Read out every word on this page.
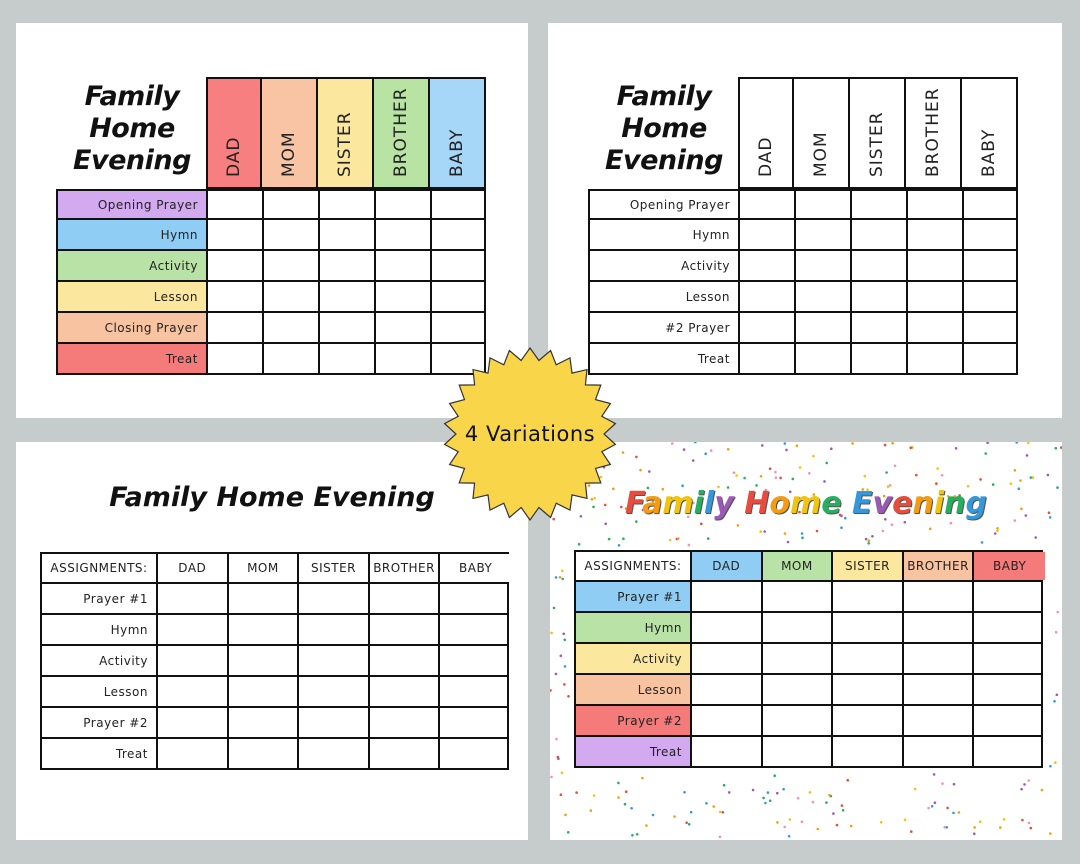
Family
Home
Evening DAD MOM SISTER BROTHER BABY
Opening Prayer
Hymn
Activity
Lesson
Closing Prayer
Treat
Family
Home
Evening DAD MOM SISTER BROTHER BABY
Opening Prayer
Hymn
Activity
Lesson
#2 Prayer
Treat
Family Home Evening
ASSIGNMENTS:	DAD	MOM	SISTER	BROTHER	BABY
Prayer #1
Hymn
Activity
Lesson
Prayer #2
Treat
Family Home Evening
ASSIGNMENTS:	DAD	MOM	SISTER	BROTHER	BABY
Prayer #1
Hymn
Activity
Lesson
Prayer #2
Treat
4 Variations
